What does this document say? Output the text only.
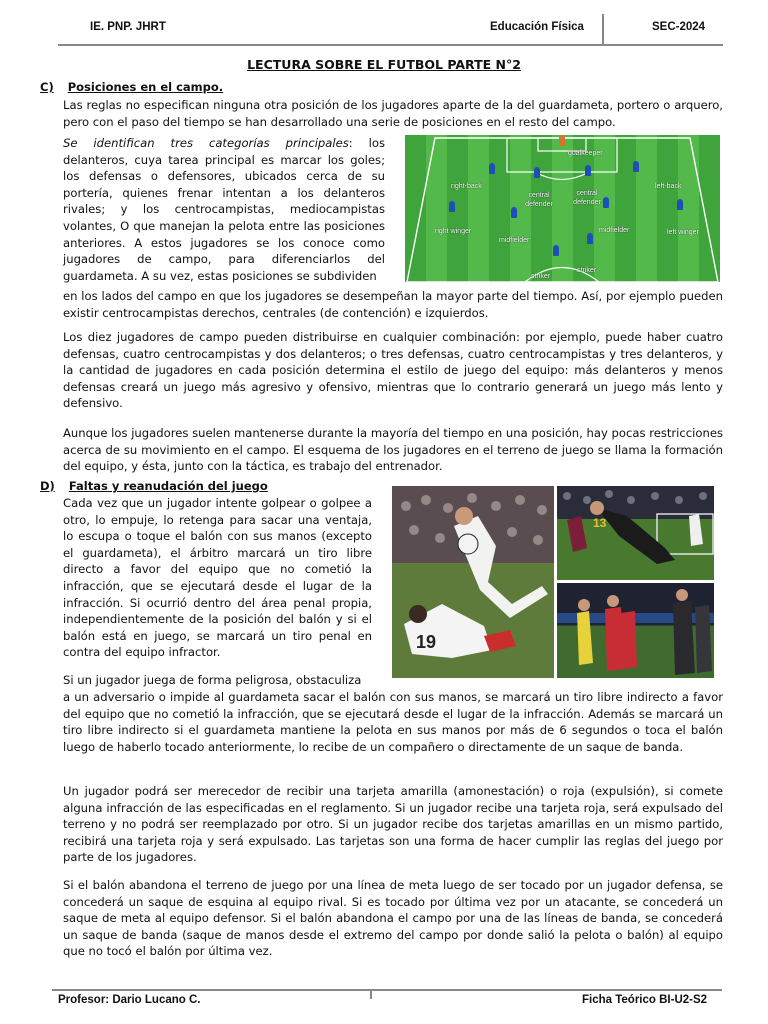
IE. PNP. JHRT	Educación Física	SEC-2024
LECTURA SOBRE EL FUTBOL PARTE N°2
C) Posiciones en el campo.

Las reglas no especifican ninguna otra posición de los jugadores aparte de la del guardameta, portero o arquero, pero con el paso del tiempo se han desarrollado una serie de posiciones en el resto del campo.

Se identifican tres categorías principales: los delanteros, cuya tarea principal es marcar los goles; los defensas o defensores, ubicados cerca de su portería, quienes frenar intentan a los delanteros rivales; y los centrocampistas, mediocampistas volantes, O que manejan la pelota entre las posiciones anteriores. A estos jugadores se los conoce como jugadores de campo, para diferenciarlos del guardameta. A su vez, estas posiciones se subdividen

goalkeeper
right-back
central defender
central defender
left-back
right winger
midfielder
midfielder	left winger
striker
striker

en los lados del campo en que los jugadores se desempeñan la mayor parte del tiempo. Así, por ejemplo pueden existir centrocampistas derechos, centrales (de contención) e izquierdos.

Los diez jugadores de campo pueden distribuirse en cualquier combinación: por ejemplo, puede haber cuatro defensas, cuatro centrocampistas y dos delanteros; o tres defensas, cuatro centrocampistas y tres delanteros, y la cantidad de jugadores en cada posición determina el estilo de juego del equipo: más delanteros y menos defensas creará un juego más agresivo y ofensivo, mientras que lo contrario generará un juego más lento y defensivo.

Aunque los jugadores suelen mantenerse durante la mayoría del tiempo en una posición, hay pocas restricciones acerca de su movimiento en el campo. El esquema de los jugadores en el terreno de juego se llama la formación del equipo, y ésta, junto con la táctica, es trabajo del entrenador.

D) Faltas y reanudación del juego

Cada vez que un jugador intente golpear o golpee a otro, lo empuje, lo retenga para sacar una ventaja, lo escupa o toque el balón con sus manos (excepto el guardameta), el árbitro marcará un tiro libre directo a favor del equipo que no cometió la infracción, que se ejecutará desde el lugar de la infracción. Si ocurrió dentro del área penal propia, independientemente de la posición del balón y si el balón está en juego, se marcará un tiro penal en contra del equipo infractor.

19
13

Si un jugador juega de forma peligrosa, obstaculiza

a un adversario o impide al guardameta sacar el balón con sus manos, se marcará un tiro libre indirecto a favor del equipo que no cometió la infracción, que se ejecutará desde el lugar de la infracción. Además se marcará un tiro libre indirecto si el guardameta mantiene la pelota en sus manos por más de 6 segundos o toca el balón luego de haberlo tocado anteriormente, lo recibe de un compañero o directamente de un saque de banda.

Un jugador podrá ser merecedor de recibir una tarjeta amarilla (amonestación) o roja (expulsión), si comete alguna infracción de las especificadas en el reglamento. Si un jugador recibe una tarjeta roja, será expulsado del terreno y no podrá ser reemplazado por otro. Si un jugador recibe dos tarjetas amarillas en un mismo partido, recibirá una tarjeta roja y será expulsado. Las tarjetas son una forma de hacer cumplir las reglas del juego por parte de los jugadores.

Si el balón abandona el terreno de juego por una línea de meta luego de ser tocado por un jugador defensa, se concederá un saque de esquina al equipo rival. Si es tocado por última vez por un atacante, se concederá un saque de meta al equipo defensor. Si el balón abandona el campo por una de las líneas de banda, se concederá un saque de banda (saque de manos desde el extremo del campo por donde salió la pelota o balón) al equipo que no tocó el balón por última vez.

Profesor: Dario Lucano C.	Ficha Teórico BI-U2-S2
